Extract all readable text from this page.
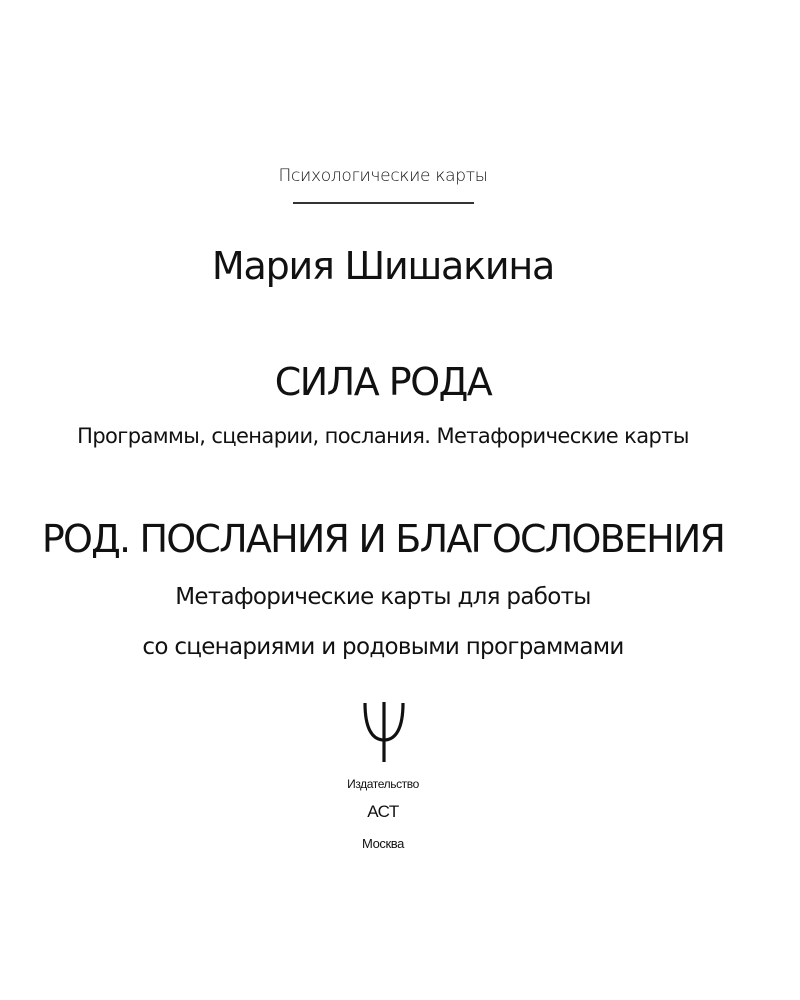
Психологические карты
Мария Шишакина
СИЛА РОДА
Программы, сценарии, послания. Метафорические карты
РОД. ПОСЛАНИЯ И БЛАГОСЛОВЕНИЯ
Метафорические карты для работы
со сценариями и родовыми программами
Издательство
АСТ
Москва
